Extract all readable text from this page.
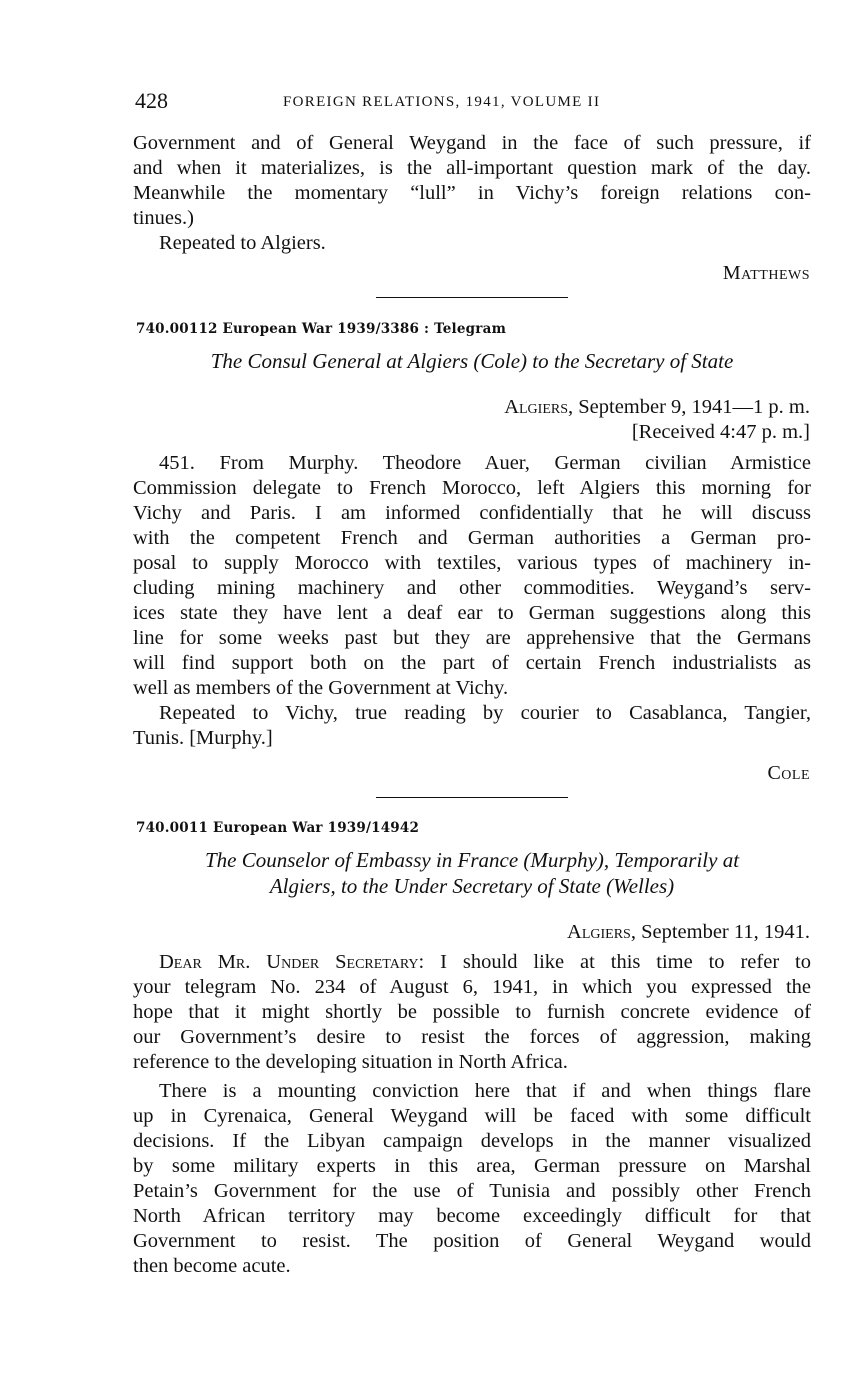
428	FOREIGN RELATIONS, 1941, VOLUME II
Government and of General Weygand in the face of such pressure, if
and when it materializes, is the all-important question mark of the day.
Meanwhile the momentary “lull” in Vichy’s foreign relations con-
tinues.)
Repeated to Algiers.
Matthews
740.00112 European War 1939/3386 : Telegram
The Consul General at Algiers (Cole) to the Secretary of State
Algiers, September 9, 1941—1 p. m.
[Received 4:47 p. m.]
451. From Murphy. Theodore Auer, German civilian Armistice
Commission delegate to French Morocco, left Algiers this morning for
Vichy and Paris. I am informed confidentially that he will discuss
with the competent French and German authorities a German pro-
posal to supply Morocco with textiles, various types of machinery in-
cluding mining machinery and other commodities. Weygand’s serv-
ices state they have lent a deaf ear to German suggestions along this
line for some weeks past but they are apprehensive that the Germans
will find support both on the part of certain French industrialists as
well as members of the Government at Vichy.
Repeated to Vichy, true reading by courier to Casablanca, Tangier,
Tunis. [Murphy.]
Cole
740.0011 European War 1939/14942
The Counselor of Embassy in France (Murphy), Temporarily at
Algiers, to the Under Secretary of State (Welles)
Algiers, September 11, 1941.
Dear Mr. Under Secretary: I should like at this time to refer to
your telegram No. 234 of August 6, 1941, in which you expressed the
hope that it might shortly be possible to furnish concrete evidence of
our Government’s desire to resist the forces of aggression, making
reference to the developing situation in North Africa.
There is a mounting conviction here that if and when things flare
up in Cyrenaica, General Weygand will be faced with some difficult
decisions. If the Libyan campaign develops in the manner visualized
by some military experts in this area, German pressure on Marshal
Petain’s Government for the use of Tunisia and possibly other French
North African territory may become exceedingly difficult for that
Government to resist. The position of General Weygand would
then become acute.
